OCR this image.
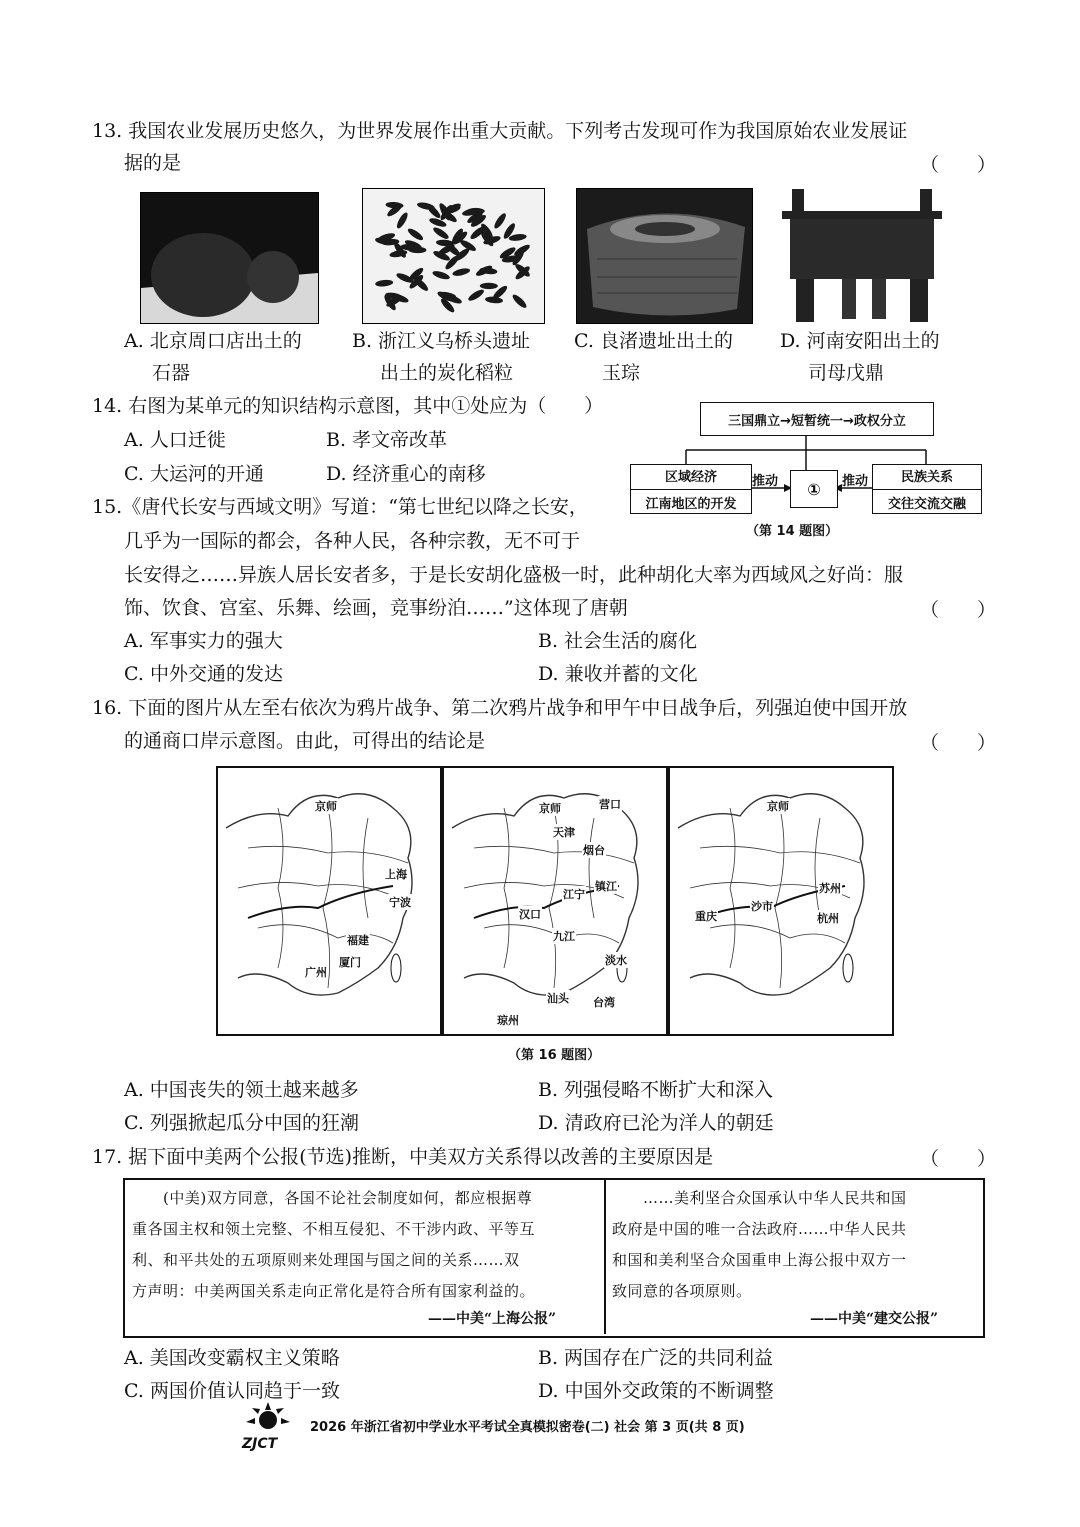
13. 我国农业发展历史悠久，为世界发展作出重大贡献。下列考古发现可作为我国原始农业发展证
据的是	（　　）
A. 北京周口店出土的
石器
B. 浙江义乌桥头遗址
出土的炭化稻粒
C. 良渚遗址出土的
玉琮
D. 河南安阳出土的
司母戊鼎
14. 右图为某单元的知识结构示意图，其中①处应为（　　）
A. 人口迁徙	B. 孝文帝改革
C. 大运河的开通	D. 经济重心的南移
三国鼎立→短暂统一→政权分立
区域经济
江南地区的开发
推动	①	推动	民族关系
交往交流交融
（第 14 题图）
15.《唐代长安与西域文明》写道：“第七世纪以降之长安，
几乎为一国际的都会，各种人民，各种宗教，无不可于
长安得之……异族人居长安者多，于是长安胡化盛极一时，此种胡化大率为西域风之好尚：服
饰、饮食、宫室、乐舞、绘画，竞事纷泊……”这体现了唐朝	（　　）
A. 军事实力的强大	B. 社会生活的腐化
C. 中外交通的发达	D. 兼收并蓄的文化
16. 下面的图片从左至右依次为鸦片战争、第二次鸦片战争和甲午中日战争后，列强迫使中国开放
的通商口岸示意图。由此，可得出的结论是	（　　）
京师
上海
宁波
福建
厦门
广州
京师	营口
天津
烟台
镇江
江宁
汉口
九江
淡水
汕头 台湾
琼州
京师
苏州
重庆
沙市
杭州
（第 16 题图）
A. 中国丧失的领土越来越多	B. 列强侵略不断扩大和深入
C. 列强掀起瓜分中国的狂潮	D. 清政府已沦为洋人的朝廷
17. 据下面中美两个公报(节选)推断，中美双方关系得以改善的主要原因是	（　　）
　　(中美)双方同意，各国不论社会制度如何，都应根据尊
重各国主权和领土完整、不相互侵犯、不干涉内政、平等互
利、和平共处的五项原则来处理国与国之间的关系……双
方声明：中美两国关系走向正常化是符合所有国家利益的。
——中美“上海公报”
　　……美利坚合众国承认中华人民共和国
政府是中国的唯一合法政府……中华人民共
和国和美利坚合众国重申上海公报中双方一
致同意的各项原则。
——中美“建交公报”
A. 美国改变霸权主义策略	B. 两国存在广泛的共同利益
C. 两国价值认同趋于一致	D. 中国外交政策的不断调整
ZJCT
2026 年浙江省初中学业水平考试全真模拟密卷(二) 社会 第 3 页(共 8 页)
